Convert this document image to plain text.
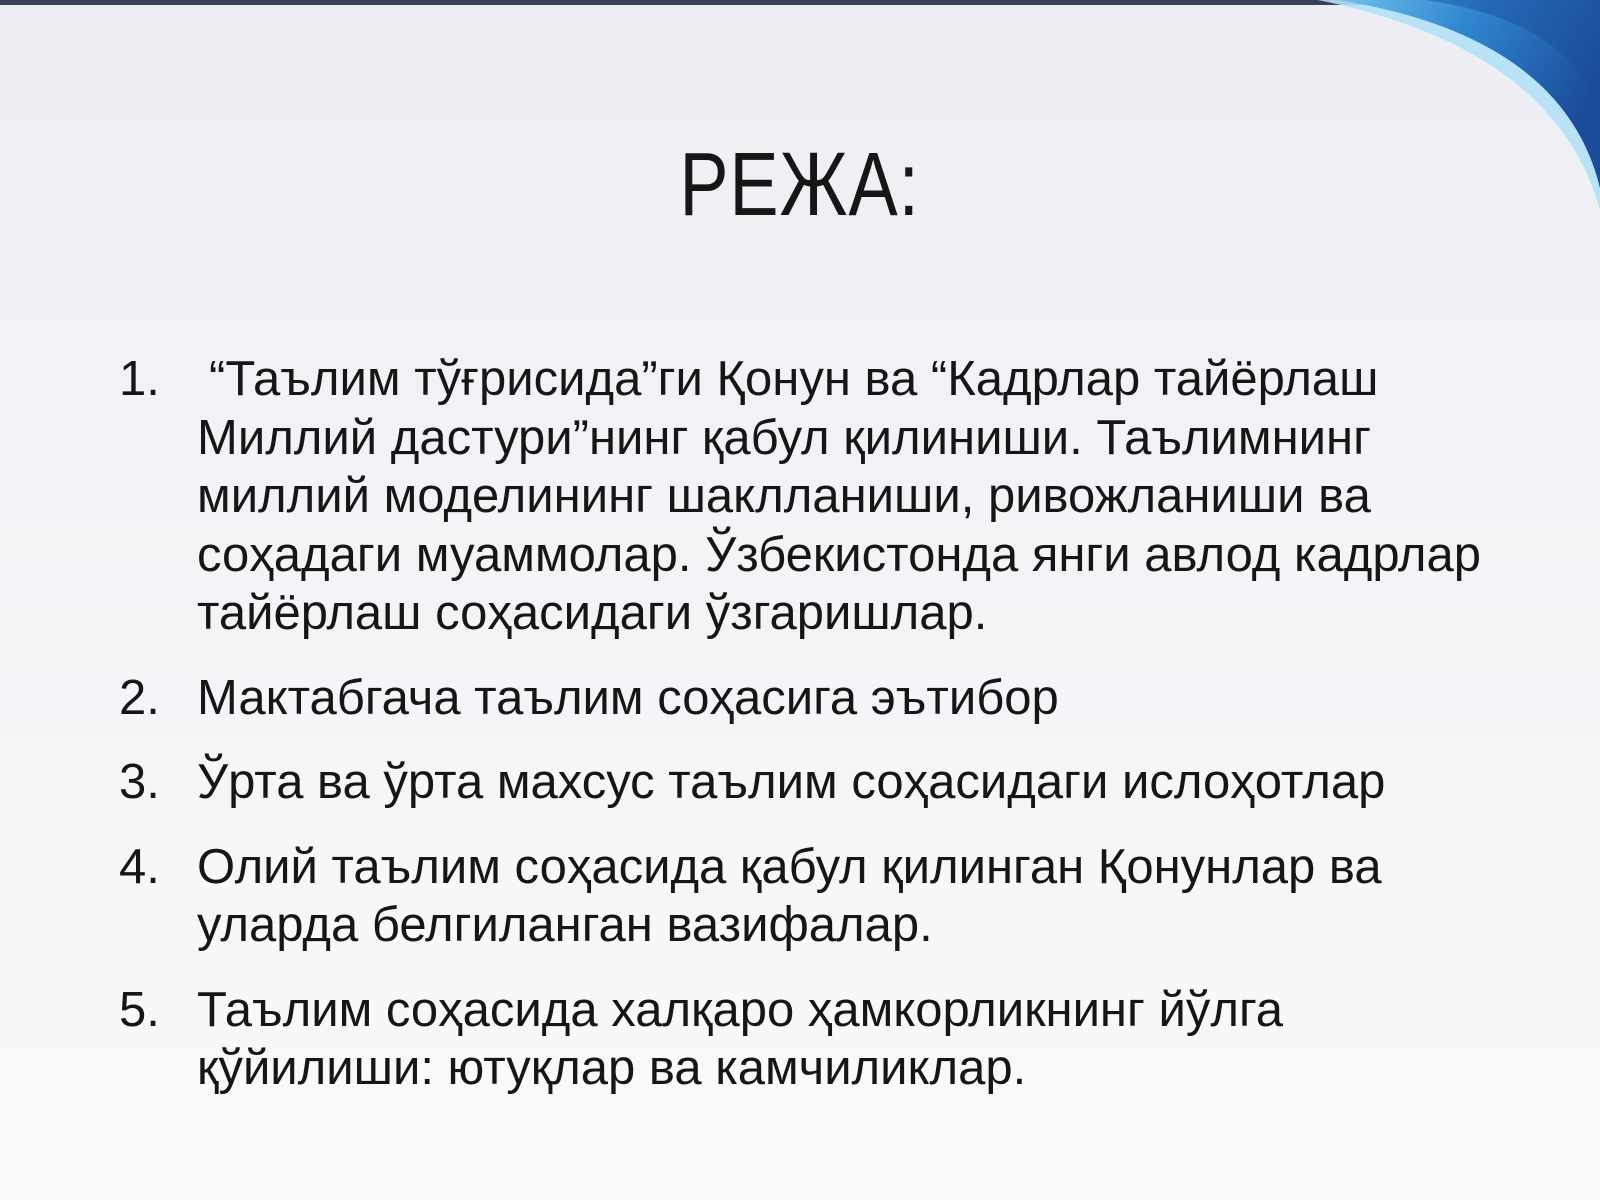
РЕЖА:
1. “Таълим тўғрисида”ги Қонун ва “Кадрлар тайёрлаш
Миллий дастури”нинг қабул қилиниши. Таълимнинг
миллий моделининг шаклланиши, ривожланиши ва
соҳадаги муаммолар. Ўзбекистонда янги авлод кадрлар
тайёрлаш соҳасидаги ўзгаришлар.
2. Мактабгача таълим соҳасига эътибор
3. Ўрта ва ўрта махсус таълим соҳасидаги ислоҳотлар
4. Олий таълим соҳасида қабул қилинган Қонунлар ва
уларда белгиланган вазифалар.
5. Таълим соҳасида халқаро ҳамкорликнинг йўлга
қўйилиши: ютуқлар ва камчиликлар.
